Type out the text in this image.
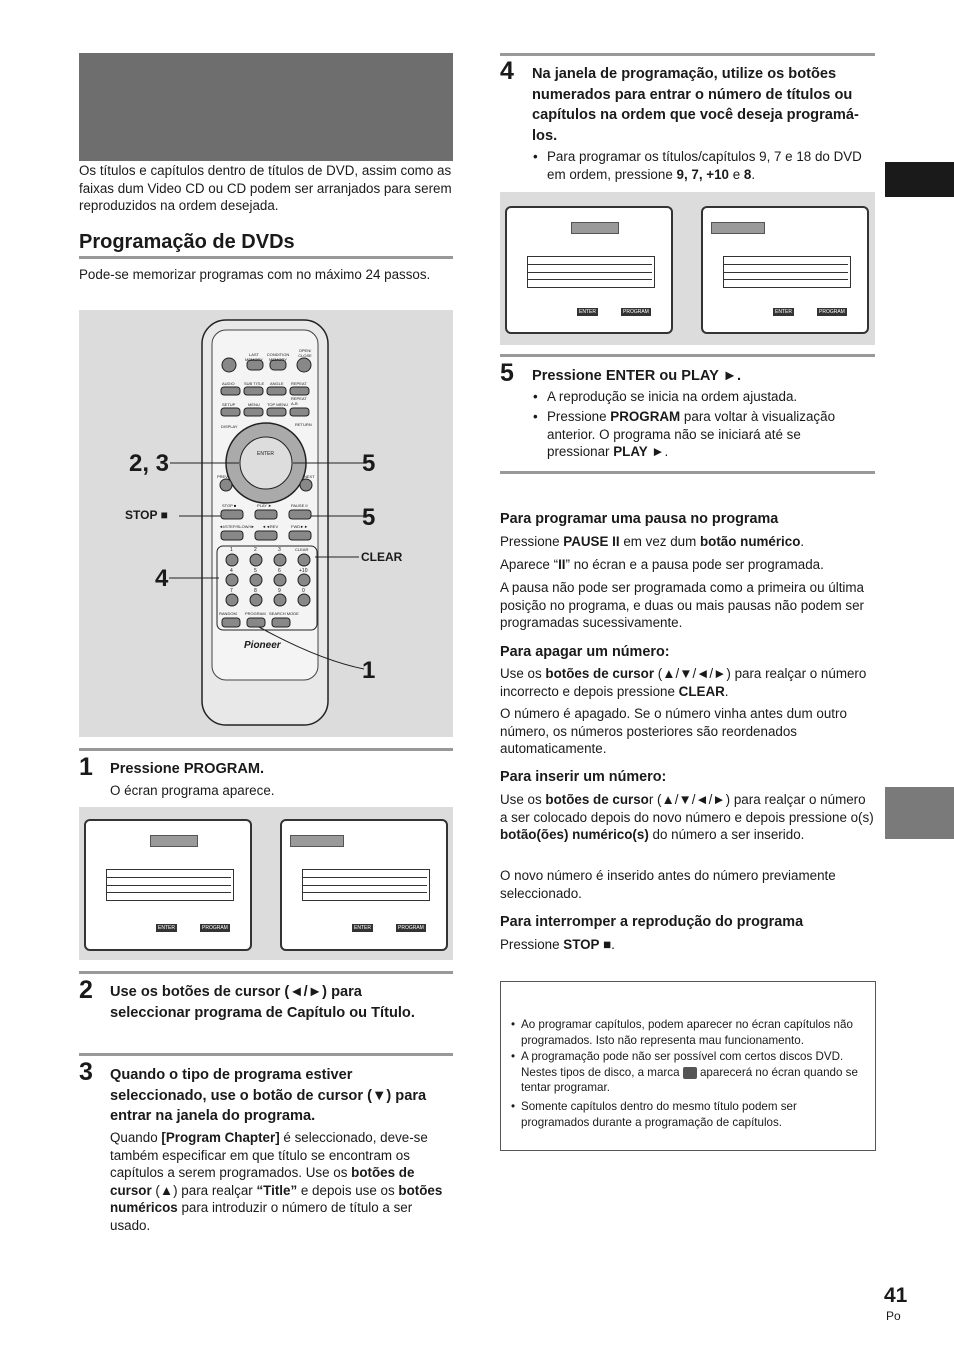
Os títulos e capítulos dentro de títulos de DVD, assim como as faixas dum Video CD ou CD podem ser arranjados para serem reproduzidos na ordem desejada.

Programação de DVDs

Pode-se memorizar programas com no máximo 24 passos.

LAST MEMORY
CONDITION MEMORY
OPEN/ CLOSE
AUDIO SUB TITLE ANGLE REPEAT
SETUP	MENU TOP MENU
REPEAT A-B
DISPLAY	RETURN
ENTER
PREV	NEXT
STOP ■	PLAY ►	PAUSE II
◄I/STEP/SLOW/I► ◄◄REV	FWD►►
CLEAR
1	2	3
4	5	6	+10
7	8	9	0
RANDOM PROGRAM SEARCH MODE
Pioneer
2, 3
STOP ■
4
5
5
CLEAR
1
1 Pressione PROGRAM.

O écran programa aparece.

ENTER	PROGRAM	ENTER	PROGRAM
2 Use os botões de cursor (◄/►) para seleccionar programa de Capítulo ou Título.
3 Quando o tipo de programa estiver seleccionado, use o botão de cursor (▼) para entrar na janela do programa.

Quando [Program Chapter] é seleccionado, deve-se também especificar em que título se encontram os capítulos a serem programados. Use os botões de cursor (▲) para realçar “Title” e depois use os botões numéricos para introduzir o número de título a ser usado.

4 Na janela de programação, utilize os botões numerados para entrar o número de títulos ou capítulos na ordem que você deseja programá-los.
• Para programar os títulos/capítulos 9, 7 e 18 do DVD em ordem, pressione 9, 7, +10 e 8.
ENTER	PROGRAM	ENTER	PROGRAM
5 Pressione ENTER ou PLAY ►.
• A reprodução se inicia na ordem ajustada.
• Pressione PROGRAM para voltar à visualização anterior. O programa não se iniciará até se pressionar PLAY ►.
Para programar uma pausa no programa

Pressione PAUSE II em vez dum botão numérico.

Aparece “II” no écran e a pausa pode ser programada.

A pausa não pode ser programada como a primeira ou última posição no programa, e duas ou mais pausas não podem ser programadas sucessivamente.

Para apagar um número:

Use os botões de cursor (▲/▼/◄/►) para realçar o número incorrecto e depois pressione CLEAR.

O número é apagado. Se o número vinha antes dum outro número, os números posteriores são reordenados automaticamente.

Para inserir um número:

Use os botões de cursor (▲/▼/◄/►) para realçar o número a ser colocado depois do novo número e depois pressione o(s) botão(ões) numérico(s) do número a ser inserido.

O novo número é inserido antes do número previamente seleccionado.

Para interromper a reprodução do programa

Pressione STOP ■.

• Ao programar capítulos, podem aparecer no écran capítulos não programados. Isto não representa mau funcionamento.
• A programação pode não ser possível com certos discos DVD. Nestes tipos de disco, a marca  aparecerá no écran quando se tentar programar.
• Somente capítulos dentro do mesmo título podem ser programados durante a programação de capítulos.
41
Po
